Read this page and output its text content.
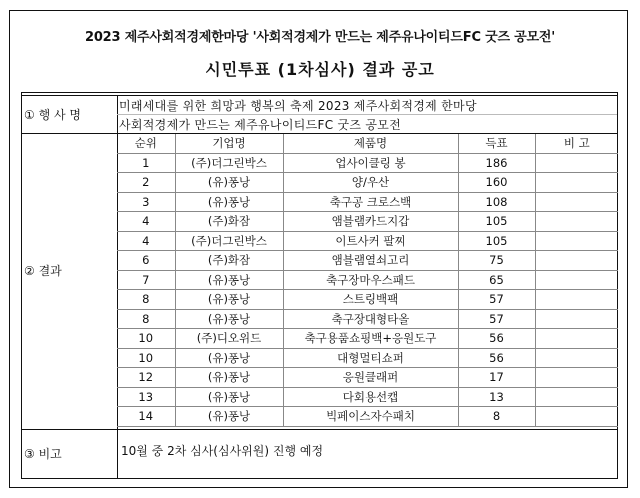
2023 제주사회적경제한마당 '사회적경제가 만드는 제주유나이티드FC 굿즈 공모전'
시민투표 (1차심사) 결과 공고
① 행 사 명
미래세대를 위한 희망과 행복의 축제 2023 제주사회적경제 한마당
사회적경제가 만드는 제주유나이티드FC 굿즈 공모전
② 결과
순위	기업명	제품명	득표	비 고
1	(주)더그린박스	업사이클링 봉	186	
2	(유)퐁낭	양/우산	160	
3	(유)퐁낭	축구공 크로스백	108	
4	(주)화잠	앰블램카드지갑	105	
4	(주)더그린박스	이트사커 팔찌	105	
6	(주)화잠	앰블램열쇠고리	75	
7	(유)퐁낭	축구장마우스패드	65	
8	(유)퐁낭	스트링백팩	57	
8	(유)퐁낭	축구장대형타올	57	
10	(주)디오위드	축구용품쇼핑백+응원도구	56	
10	(유)퐁낭	대형멀티쇼퍼	56	
12	(유)퐁낭	응원클래퍼	17	
13	(유)퐁낭	다회용선캡	13	
14	(유)퐁낭	빅페이스자수패치	8	
③ 비고	10월 중 2차 심사(심사위원) 진행 예정
